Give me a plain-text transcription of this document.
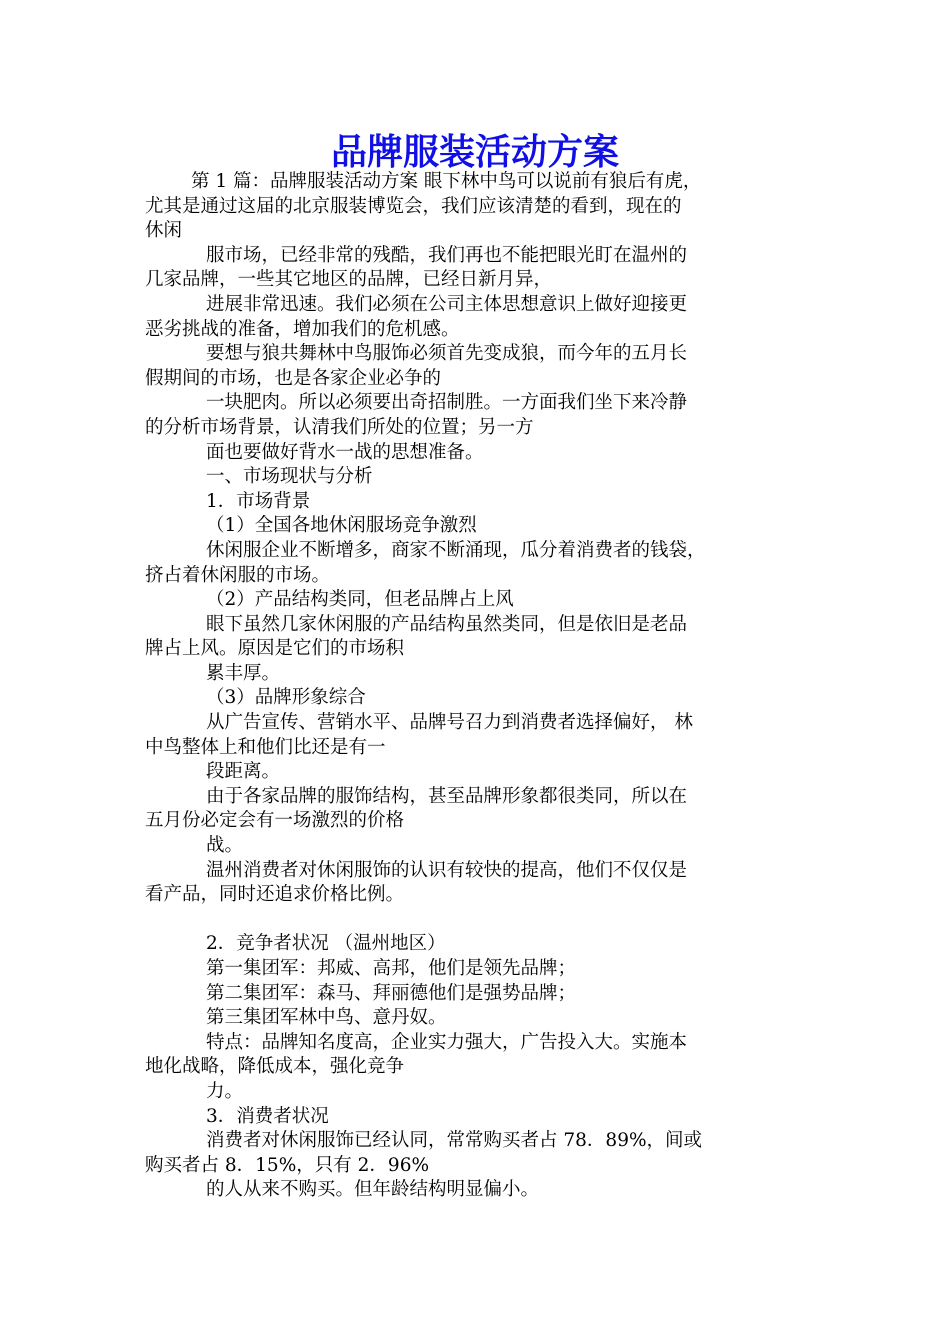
品牌服装活动方案
第 1 篇：品牌服装活动方案 眼下林中鸟可以说前有狼后有虎，
尤其是通过这届的北京服装博览会，我们应该清楚的看到，现在的
休闲
服市场，已经非常的残酷，我们再也不能把眼光盯在温州的
几家品牌，一些其它地区的品牌，已经日新月异，
进展非常迅速。我们必须在公司主体思想意识上做好迎接更
恶劣挑战的准备，增加我们的危机感。
要想与狼共舞林中鸟服饰必须首先变成狼，而今年的五月长
假期间的市场，也是各家企业必争的
一块肥肉。所以必须要出奇招制胜。一方面我们坐下来冷静
的分析市场背景，认清我们所处的位置；另一方
面也要做好背水一战的思想准备。
一、市场现状与分析
1．市场背景
（1）全国各地休闲服场竞争激烈
休闲服企业不断增多，商家不断涌现，瓜分着消费者的钱袋，
挤占着休闲服的市场。
（2）产品结构类同，但老品牌占上风
眼下虽然几家休闲服的产品结构虽然类同，但是依旧是老品
牌占上风。原因是它们的市场积
累丰厚。
（3）品牌形象综合
从广告宣传、营销水平、品牌号召力到消费者选择偏好， 林
中鸟整体上和他们比还是有一
段距离。
由于各家品牌的服饰结构，甚至品牌形象都很类同，所以在
五月份必定会有一场激烈的价格
战。
温州消费者对休闲服饰的认识有较快的提高，他们不仅仅是
看产品，同时还追求价格比例。
2．竞争者状况 （温州地区）
第一集团军：邦威、高邦，他们是领先品牌；
第二集团军：森马、拜丽德他们是强势品牌；
第三集团军林中鸟、意丹奴。
特点：品牌知名度高，企业实力强大，广告投入大。实施本
地化战略，降低成本，强化竞争
力。
3．消费者状况
消费者对休闲服饰已经认同，常常购买者占 78．89%，间或
购买者占 8．15%，只有 2．96%
的人从来不购买。但年龄结构明显偏小。
